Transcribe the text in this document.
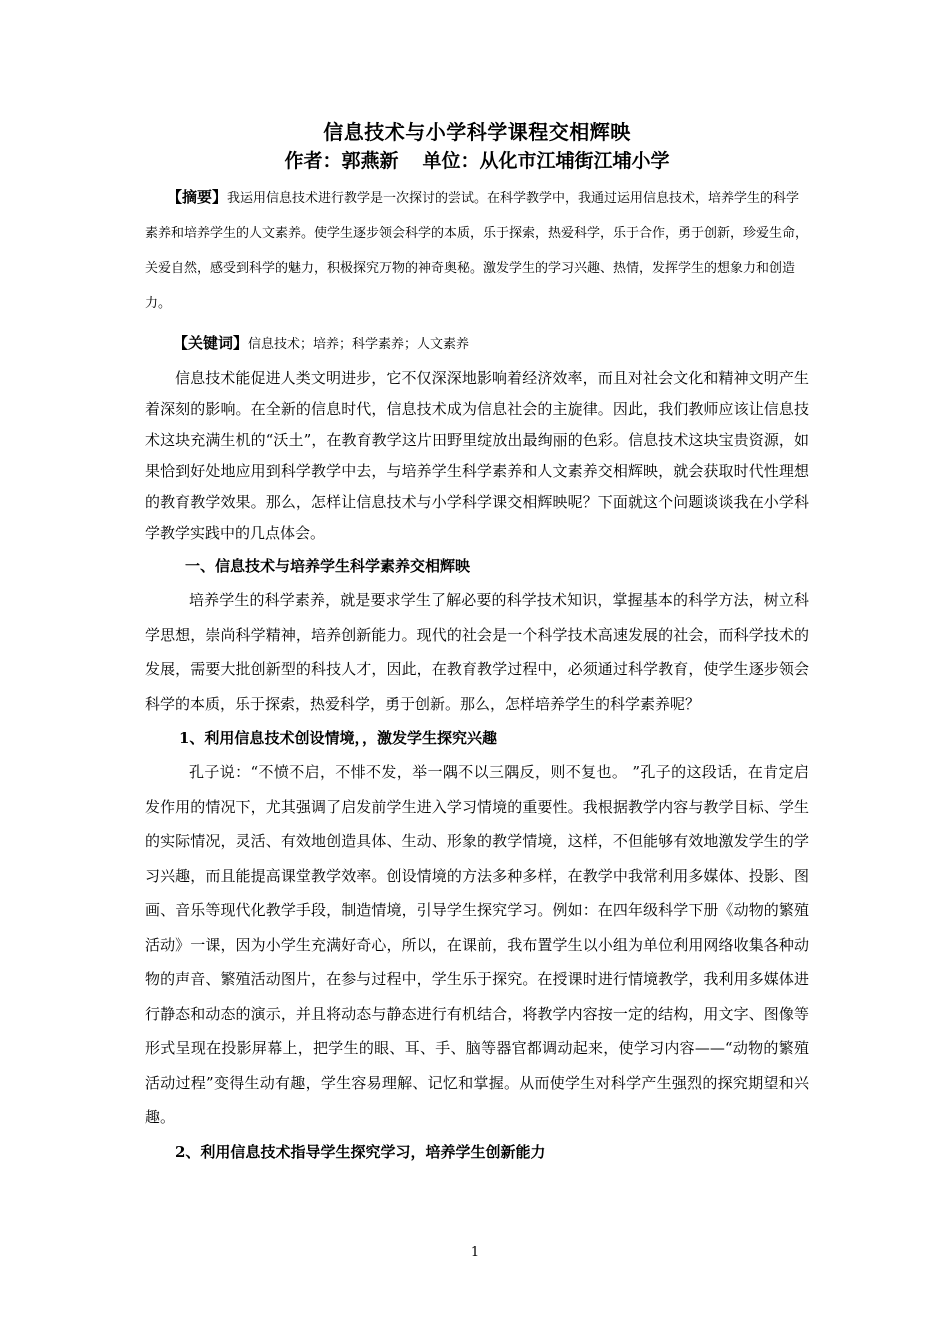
信息技术与小学科学课程交相辉映
作者：郭燕新 单位：从化市江埔街江埔小学

【摘要】我运用信息技术进行教学是一次探讨的尝试。在科学教学中，我通过运用信息技术，培养学生的科学素养和培养学生的人文素养。使学生逐步领会科学的本质，乐于探索，热爱科学，乐于合作，勇于创新，珍爱生命，关爱自然，感受到科学的魅力，积极探究万物的神奇奥秘。激发学生的学习兴趣、热情，发挥学生的想象力和创造力。

【关键词】信息技术；培养；科学素养；人文素养

信息技术能促进人类文明进步，它不仅深深地影响着经济效率，而且对社会文化和精神文明产生着深刻的影响。在全新的信息时代，信息技术成为信息社会的主旋律。因此，我们教师应该让信息技术这块充满生机的“沃土”，在教育教学这片田野里绽放出最绚丽的色彩。信息技术这块宝贵资源，如果恰到好处地应用到科学教学中去，与培养学生科学素养和人文素养交相辉映，就会获取时代性理想的教育教学效果。那么，怎样让信息技术与小学科学课交相辉映呢？下面就这个问题谈谈我在小学科学教学实践中的几点体会。

一、信息技术与培养学生科学素养交相辉映

培养学生的科学素养，就是要求学生了解必要的科学技术知识，掌握基本的科学方法，树立科学思想，崇尚科学精神，培养创新能力。现代的社会是一个科学技术高速发展的社会，而科学技术的发展，需要大批创新型的科技人才，因此，在教育教学过程中，必须通过科学教育，使学生逐步领会科学的本质，乐于探索，热爱科学，勇于创新。那么，怎样培养学生的科学素养呢？

1、利用信息技术创设情境，，激发学生探究兴趣

孔子说：“不愤不启，不悱不发，举一隅不以三隅反，则不复也。 ”孔子的这段话，在肯定启发作用的情况下，尤其强调了启发前学生进入学习情境的重要性。我根据教学内容与教学目标、学生的实际情况，灵活、有效地创造具体、生动、形象的教学情境，这样，不但能够有效地激发学生的学习兴趣，而且能提高课堂教学效率。创设情境的方法多种多样，在教学中我常利用多媒体、投影、图画、音乐等现代化教学手段，制造情境，引导学生探究学习。例如：在四年级科学下册《动物的繁殖活动》一课，因为小学生充满好奇心，所以，在课前，我布置学生以小组为单位利用网络收集各种动物的声音、繁殖活动图片，在参与过程中，学生乐于探究。在授课时进行情境教学，我利用多媒体进行静态和动态的演示，并且将动态与静态进行有机结合，将教学内容按一定的结构，用文字、图像等形式呈现在投影屏幕上，把学生的眼、耳、手、脑等器官都调动起来，使学习内容——“动物的繁殖活动过程”变得生动有趣，学生容易理解、记忆和掌握。从而使学生对科学产生强烈的探究期望和兴趣。

2、利用信息技术指导学生探究学习，培养学生创新能力

1
